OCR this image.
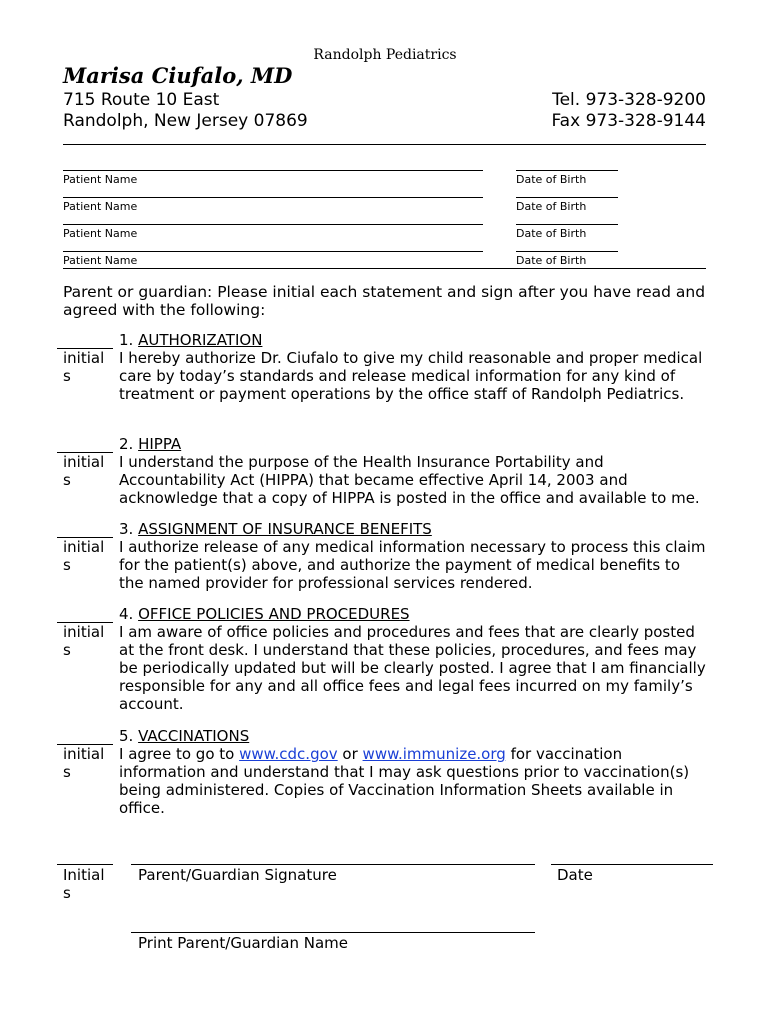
Randolph Pediatrics
Marisa Ciufalo, MD
715 Route 10 East
Randolph, New Jersey 07869
Tel. 973-328-9200
Fax 973-328-9144
Patient Name	Date of Birth
Patient Name	Date of Birth
Patient Name	Date of Birth
Patient Name	Date of Birth
Parent or guardian: Please initial each statement and sign after you have read and agreed with the following:
initial
s
1. AUTHORIZATION
I hereby authorize Dr. Ciufalo to give my child reasonable and proper medical care by today’s standards and release medical information for any kind of treatment or payment operations by the office staff of Randolph Pediatrics.
initial
s
2. HIPPA
I understand the purpose of the Health Insurance Portability and Accountability Act (HIPPA) that became effective April 14, 2003 and acknowledge that a copy of HIPPA is posted in the office and available to me.
initial
s
3. ASSIGNMENT OF INSURANCE BENEFITS
I authorize release of any medical information necessary to process this claim for the patient(s) above, and authorize the payment of medical benefits to the named provider for professional services rendered.
initial
s
4. OFFICE POLICIES AND PROCEDURES
I am aware of office policies and procedures and fees that are clearly posted at the front desk. I understand that these policies, procedures, and fees may be periodically updated but will be clearly posted. I agree that I am financially responsible for any and all office fees and legal fees incurred on my family’s account.
initial
s
5. VACCINATIONS
I agree to go to www.cdc.gov or www.immunize.org for vaccination information and understand that I may ask questions prior to vaccination(s) being administered. Copies of Vaccination Information Sheets available in office.
Initial
s
Parent/Guardian Signature	Date
Print Parent/Guardian Name
